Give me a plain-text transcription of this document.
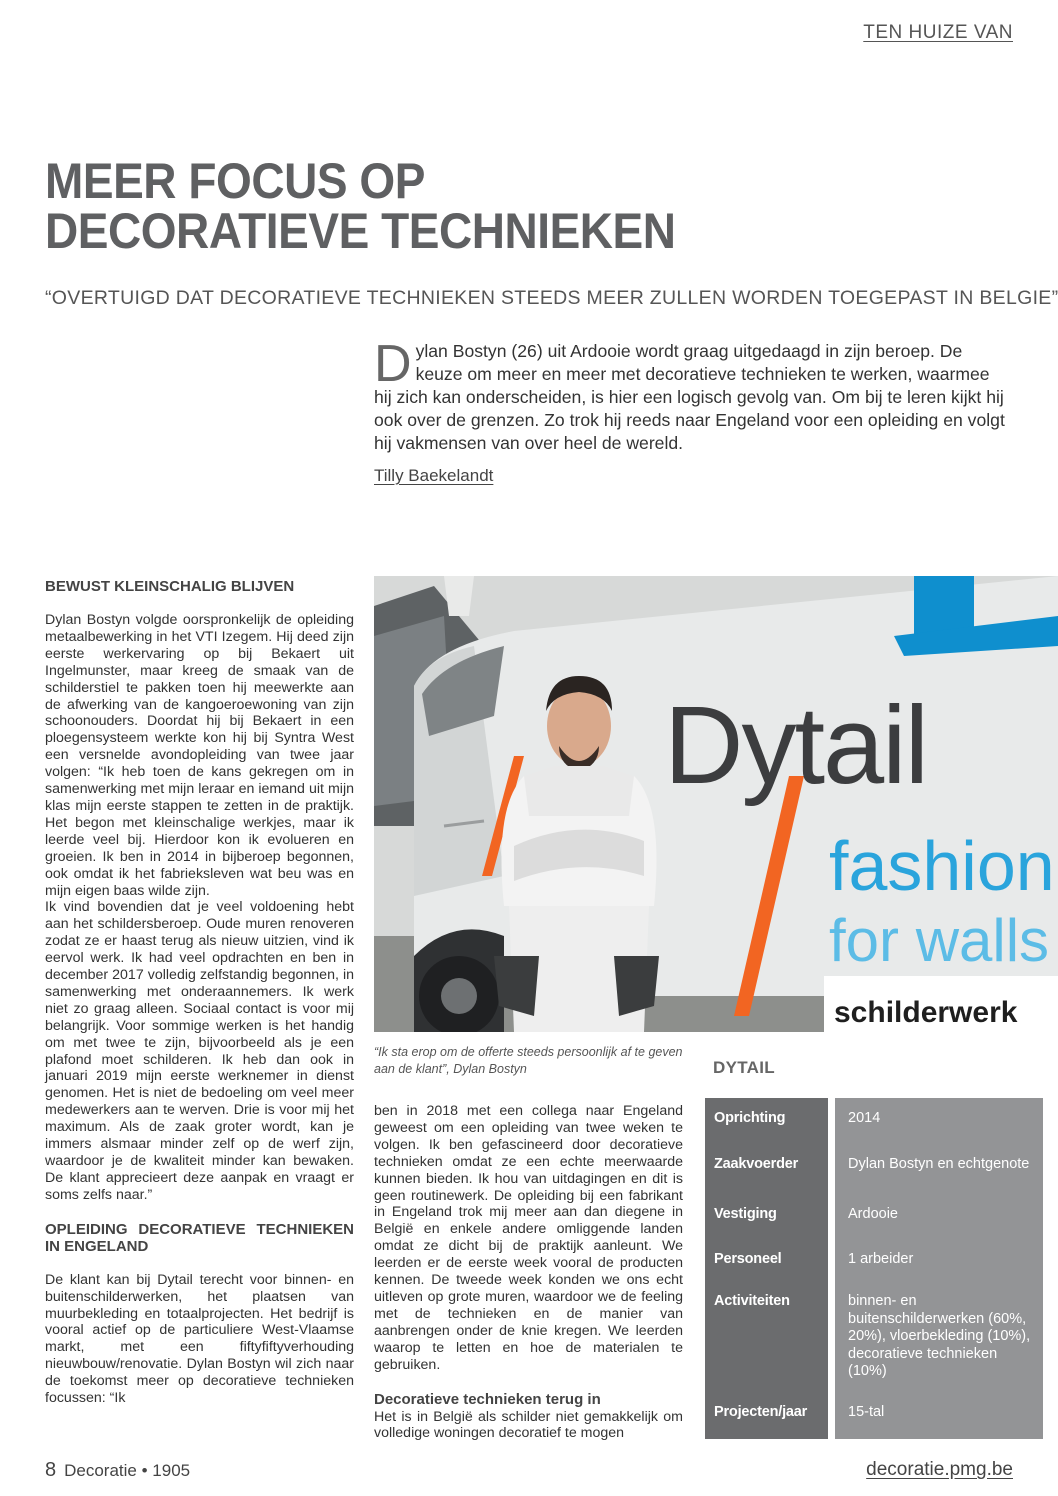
TEN HUIZE VAN
MEER FOCUS OP
DECORATIEVE TECHNIEKEN
“OVERTUIGD DAT DECORATIEVE TECHNIEKEN STEEDS MEER ZULLEN WORDEN TOEGEPAST IN BELGIE”
Dylan Bostyn (26) uit Ardooie wordt graag uitgedaagd in zijn beroep. De keuze om meer en meer met decoratieve technieken te werken, waarmee hij zich kan onderscheiden, is hier een logisch gevolg van. Om bij te leren kijkt hij ook over de grenzen. Zo trok hij reeds naar Engeland voor een opleiding en volgt hij vakmensen van over heel de wereld.
Tilly Baekelandt
BEWUST KLEINSCHALIG BLIJVEN

Dylan Bostyn volgde oorspronkelijk de opleiding metaalbewerking in het VTI Izegem. Hij deed zijn eerste werkervaring op bij Bekaert uit Ingelmunster, maar kreeg de smaak van de schilderstiel te pakken toen hij meewerkte aan de afwerking van de kangoeroewoning van zijn schoonouders. Doordat hij bij Bekaert in een ploegensysteem werkte kon hij bij Syntra West een versnelde avondopleiding van twee jaar volgen: “Ik heb toen de kans gekregen om in samenwerking met mijn leraar en iemand uit mijn klas mijn eerste stappen te zetten in de praktijk. Het begon met kleinschalige werkjes, maar ik leerde veel bij. Hierdoor kon ik evolueren en groeien. Ik ben in 2014 in bijberoep begonnen, ook omdat ik het fabrieksleven wat beu was en mijn eigen baas wilde zijn.

Ik vind bovendien dat je veel voldoening hebt aan het schildersberoep. Oude muren renoveren zodat ze er haast terug als nieuw uitzien, vind ik eervol werk. Ik had veel opdrachten en ben in december 2017 volledig zelfstandig begonnen, in samenwerking met onderaannemers. Ik werk niet zo graag alleen. Sociaal contact is voor mij belangrijk. Voor sommige werken is het handig om met twee te zijn, bijvoorbeeld als je een plafond moet schilderen. Ik heb dan ook in januari 2019 mijn eerste werknemer in dienst genomen. Het is niet de bedoeling om veel meer medewerkers aan te werven. Drie is voor mij het maximum. Als de zaak groter wordt, kan je immers alsmaar minder zelf op de werf zijn, waardoor je de kwaliteit minder kan bewaken. De klant apprecieert deze aanpak en vraagt er soms zelfs naar.”

OPLEIDING DECORATIEVE TECHNIEKEN IN ENGELAND

De klant kan bij Dytail terecht voor binnen- en buitenschilderwerken, het plaatsen van muurbekleding en totaalprojecten. Het bedrijf is vooral actief op de particuliere West-Vlaamse markt, met een fiftyfiftyverhouding nieuwbouw/renovatie. Dylan Bostyn wil zich naar de toekomst meer op decoratieve technieken focussen: “Ik

Dytail
fashion
for walls
schilderwerk
“Ik sta erop om de offerte steeds persoonlijk af te geven aan de klant”, Dylan Bostyn

ben in 2018 met een collega naar Engeland geweest om een opleiding van twee weken te volgen. Ik ben gefascineerd door decoratieve technieken omdat ze een echte meerwaarde kunnen bieden. Ik hou van uitdagingen en dit is geen routinewerk. De opleiding bij een fabrikant in Engeland trok mij meer aan dan diegene in België en enkele andere omliggende landen omdat ze dicht bij de praktijk aanleunt. We leerden er de eerste week vooral de producten kennen. De tweede week konden we ons echt uitleven op grote muren, waardoor we de feeling met de technieken en de manier van aanbrengen onder de knie kregen. We leerden waarop te letten en hoe de materialen te gebruiken.

Decoratieve technieken terug in

Het is in België als schilder niet gemakkelijk om volledige woningen decoratief te mogen

DYTAIL
Oprichting	2014
Zaakvoerder	Dylan Bostyn en echtgenote
Vestiging	Ardooie
Personeel	1 arbeider
Activiteiten	binnen- en buitenschilderwerken (60%, 20%), vloerbekleding (10%), decoratieve technieken (10%)
Projecten/jaar	15-tal
8 Decoratie • 1905	decoratie.pmg.be
